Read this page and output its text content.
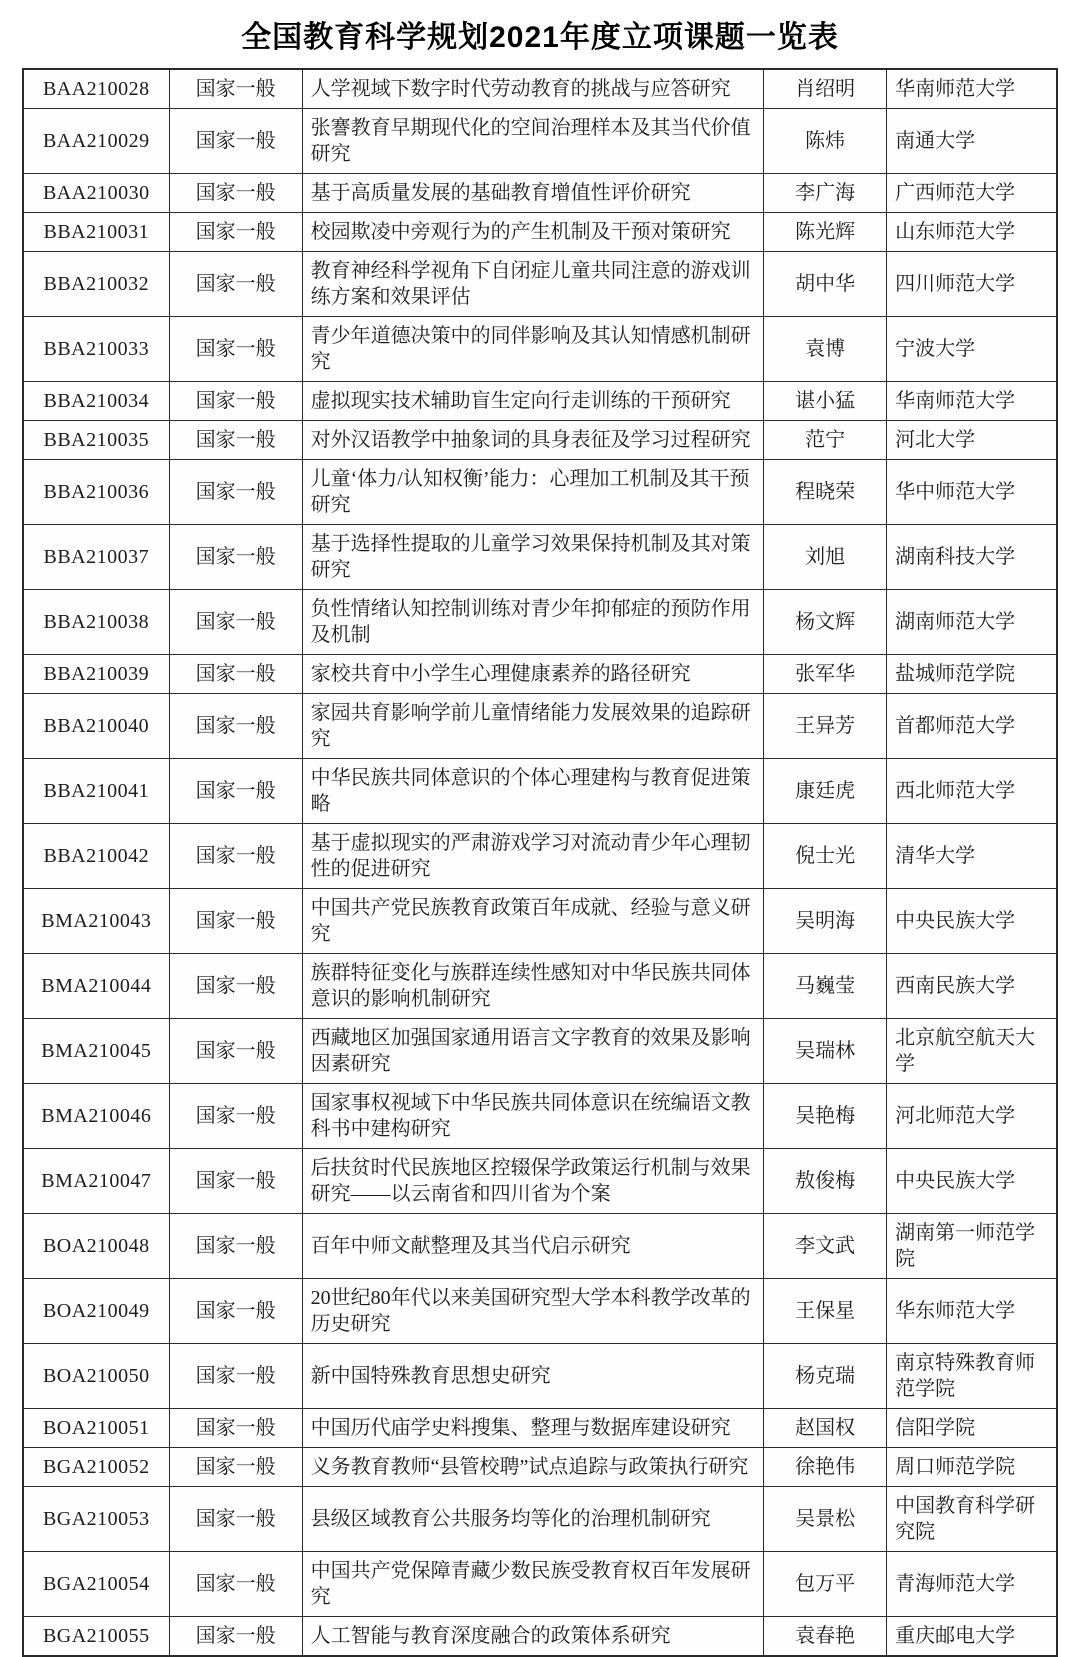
全国教育科学规划2021年度立项课题一览表
BAA210028	国家一般	人学视域下数字时代劳动教育的挑战与应答研究	肖绍明	华南师范大学
BAA210029	国家一般	张謇教育早期现代化的空间治理样本及其当代价值研究	陈炜	南通大学
BAA210030	国家一般	基于高质量发展的基础教育增值性评价研究	李广海	广西师范大学
BBA210031	国家一般	校园欺凌中旁观行为的产生机制及干预对策研究	陈光辉	山东师范大学
BBA210032	国家一般	教育神经科学视角下自闭症儿童共同注意的游戏训练方案和效果评估	胡中华	四川师范大学
BBA210033	国家一般	青少年道德决策中的同伴影响及其认知情感机制研究	袁博	宁波大学
BBA210034	国家一般	虚拟现实技术辅助盲生定向行走训练的干预研究	谌小猛	华南师范大学
BBA210035	国家一般	对外汉语教学中抽象词的具身表征及学习过程研究	范宁	河北大学
BBA210036	国家一般	儿童‘体力/认知权衡’能力：心理加工机制及其干预研究	程晓荣	华中师范大学
BBA210037	国家一般	基于选择性提取的儿童学习效果保持机制及其对策研究	刘旭	湖南科技大学
BBA210038	国家一般	负性情绪认知控制训练对青少年抑郁症的预防作用及机制	杨文辉	湖南师范大学
BBA210039	国家一般	家校共育中小学生心理健康素养的路径研究	张军华	盐城师范学院
BBA210040	国家一般	家园共育影响学前儿童情绪能力发展效果的追踪研究	王异芳	首都师范大学
BBA210041	国家一般	中华民族共同体意识的个体心理建构与教育促进策略	康廷虎	西北师范大学
BBA210042	国家一般	基于虚拟现实的严肃游戏学习对流动青少年心理韧性的促进研究	倪士光	清华大学
BMA210043	国家一般	中国共产党民族教育政策百年成就、经验与意义研究	吴明海	中央民族大学
BMA210044	国家一般	族群特征变化与族群连续性感知对中华民族共同体意识的影响机制研究	马巍莹	西南民族大学
BMA210045	国家一般	西藏地区加强国家通用语言文字教育的效果及影响因素研究	吴瑞林	北京航空航天大学
BMA210046	国家一般	国家事权视域下中华民族共同体意识在统编语文教科书中建构研究	吴艳梅	河北师范大学
BMA210047	国家一般	后扶贫时代民族地区控辍保学政策运行机制与效果研究——以云南省和四川省为个案	敖俊梅	中央民族大学
BOA210048	国家一般	百年中师文献整理及其当代启示研究	李文武	湖南第一师范学院
BOA210049	国家一般	20世纪80年代以来美国研究型大学本科教学改革的历史研究	王保星	华东师范大学
BOA210050	国家一般	新中国特殊教育思想史研究	杨克瑞	南京特殊教育师范学院
BOA210051	国家一般	中国历代庙学史料搜集、整理与数据库建设研究	赵国权	信阳学院
BGA210052	国家一般	义务教育教师“县管校聘”试点追踪与政策执行研究	徐艳伟	周口师范学院
BGA210053	国家一般	县级区域教育公共服务均等化的治理机制研究	吴景松	中国教育科学研究院
BGA210054	国家一般	中国共产党保障青藏少数民族受教育权百年发展研究	包万平	青海师范大学
BGA210055	国家一般	人工智能与教育深度融合的政策体系研究	袁春艳	重庆邮电大学
